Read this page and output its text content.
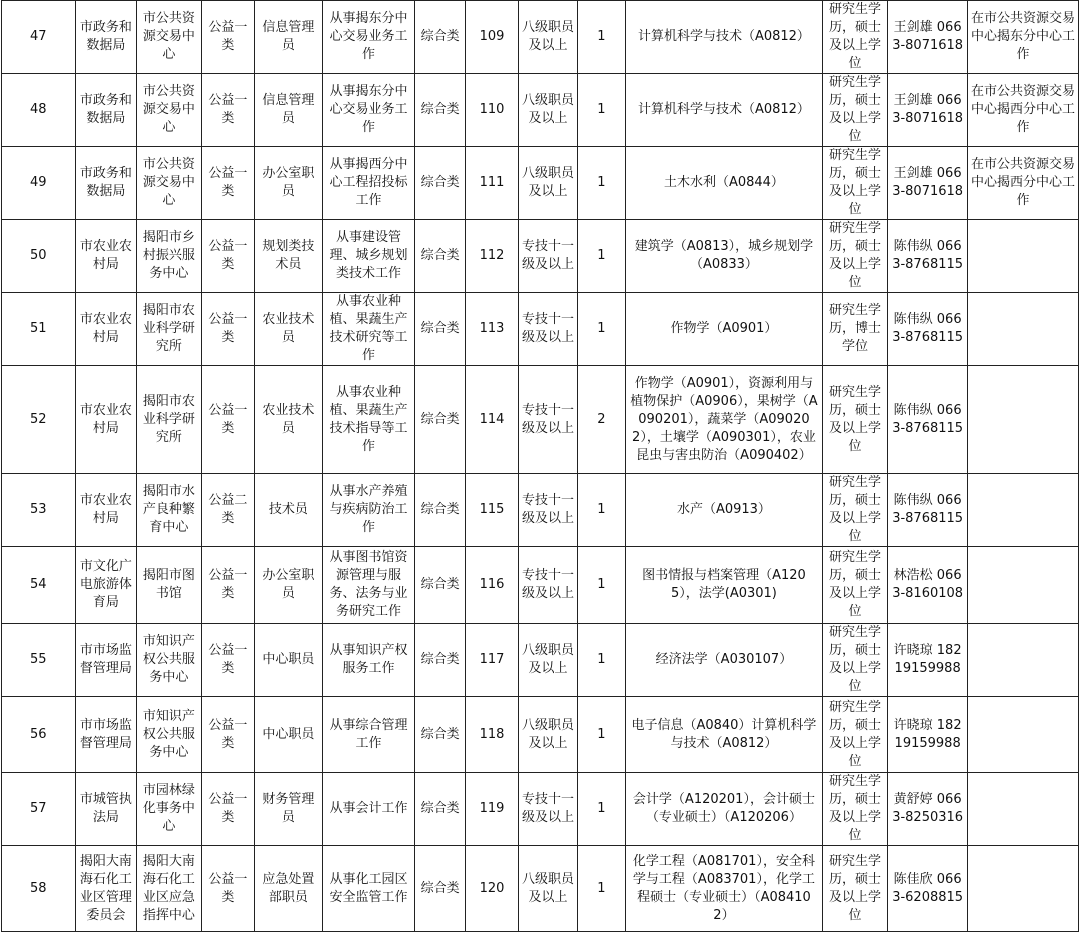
47	市政务和数据局	市公共资源交易中心	公益一类	信息管理员	从事揭东分中心交易业务工作	综合类	109	八级职员及以上	1	计算机科学与技术（A0812）	研究生学历，硕士及以上学位	王剑雄 0663-8071618	在市公共资源交易中心揭东分中心工作
48	市政务和数据局	市公共资源交易中心	公益一类	信息管理员	从事揭东分中心交易业务工作	综合类	110	八级职员及以上	1	计算机科学与技术（A0812）	研究生学历，硕士及以上学位	王剑雄 0663-8071618	在市公共资源交易中心揭西分中心工作
49	市政务和数据局	市公共资源交易中心	公益一类	办公室职员	从事揭西分中心工程招投标工作	综合类	111	八级职员及以上	1	土木水利（A0844）	研究生学历，硕士及以上学位	王剑雄 0663-8071618	在市公共资源交易中心揭西分中心工作
50	市农业农村局	揭阳市乡村振兴服务中心	公益一类	规划类技术员	从事建设管理、城乡规划类技术工作	综合类	112	专技十一级及以上	1	建筑学（A0813），城乡规划学（A0833）	研究生学历，硕士及以上学位	陈伟纵 0663-8768115	
51	市农业农村局	揭阳市农业科学研究所	公益一类	农业技术员	从事农业种植、果蔬生产技术研究等工作	综合类	113	专技十一级及以上	1	作物学（A0901）	研究生学历，博士学位	陈伟纵 0663-8768115	
52	市农业农村局	揭阳市农业科学研究所	公益一类	农业技术员	从事农业种植、果蔬生产技术指导等工作	综合类	114	专技十一级及以上	2	作物学（A0901），资源利用与植物保护（A0906），果树学（A090201），蔬菜学（A090202），土壤学（A090301），农业昆虫与害虫防治（A090402）	研究生学历，硕士及以上学位	陈伟纵 0663-8768115	
53	市农业农村局	揭阳市水产良种繁育中心	公益二类	技术员	从事水产养殖与疾病防治工作	综合类	115	专技十一级及以上	1	水产（A0913）	研究生学历，硕士及以上学位	陈伟纵 0663-8768115	
54	市文化广电旅游体育局	揭阳市图书馆	公益一类	办公室职员	从事图书馆资源管理与服务、法务与业务研究工作	综合类	116	专技十一级及以上	1	图书情报与档案管理（A1205），法学(A0301)	研究生学历，硕士及以上学位	林浩松 0663-8160108	
55	市市场监督管理局	市知识产权公共服务中心	公益一类	中心职员	从事知识产权服务工作	综合类	117	八级职员及以上	1	经济法学（A030107）	研究生学历，硕士及以上学位	许晓琼 18219159988	
56	市市场监督管理局	市知识产权公共服务中心	公益一类	中心职员	从事综合管理工作	综合类	118	八级职员及以上	1	电子信息（A0840）计算机科学与技术（A0812）	研究生学历，硕士及以上学位	许晓琼 18219159988	
57	市城管执法局	市园林绿化事务中心	公益一类	财务管理员	从事会计工作	综合类	119	专技十一级及以上	1	会计学（A120201），会计硕士（专业硕士）（A120206）	研究生学历，硕士及以上学位	黄舒婷 0663-8250316	
58	揭阳大南海石化工业区管理委员会	揭阳大南海石化工业区应急指挥中心	公益一类	应急处置部职员	从事化工园区安全监管工作	综合类	120	八级职员及以上	1	化学工程（A081701），安全科学与工程（A083701），化学工程硕士（专业硕士）（A084102）	研究生学历，硕士及以上学位	陈佳欣 0663-6208815	
